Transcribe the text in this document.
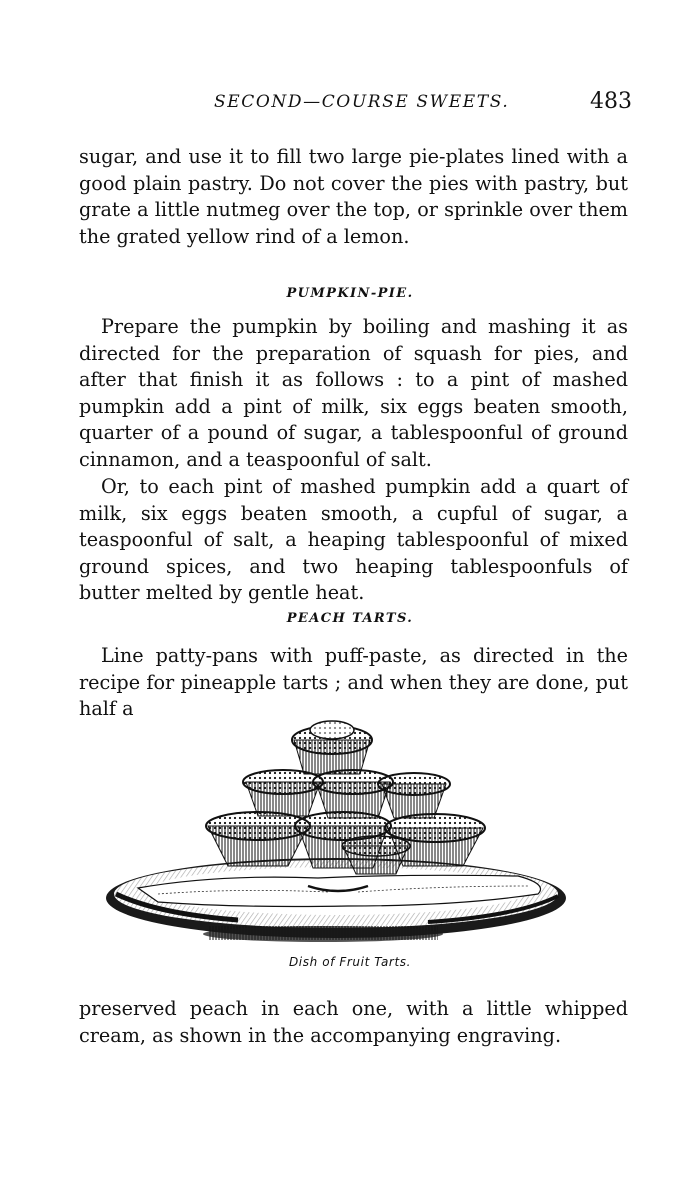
SECOND—COURSE SWEETS.	483

sugar, and use it to fill two large pie-plates lined with a good plain pastry. Do not cover the pies with pastry, but grate a little nutmeg over the top, or sprinkle over them the grated yellow rind of a lemon.

PUMPKIN-PIE.

Prepare the pumpkin by boiling and mashing it as directed for the preparation of squash for pies, and after that finish it as follows : to a pint of mashed pumpkin add a pint of milk, six eggs beaten smooth, quarter of a pound of sugar, a tablespoonful of ground cinnamon, and a teaspoonful of salt.

Or, to each pint of mashed pumpkin add a quart of milk, six eggs beaten smooth, a cupful of sugar, a teaspoonful of salt, a heaping tablespoonful of mixed ground spices, and two heaping tablespoonfuls of butter melted by gentle heat.

PEACH TARTS.

Line patty-pans with puff-paste, as directed in the recipe for pineapple tarts ; and when they are done, put half a

Dish of Fruit Tarts.

preserved peach in each one, with a little whipped cream, as shown in the accompanying engraving.
